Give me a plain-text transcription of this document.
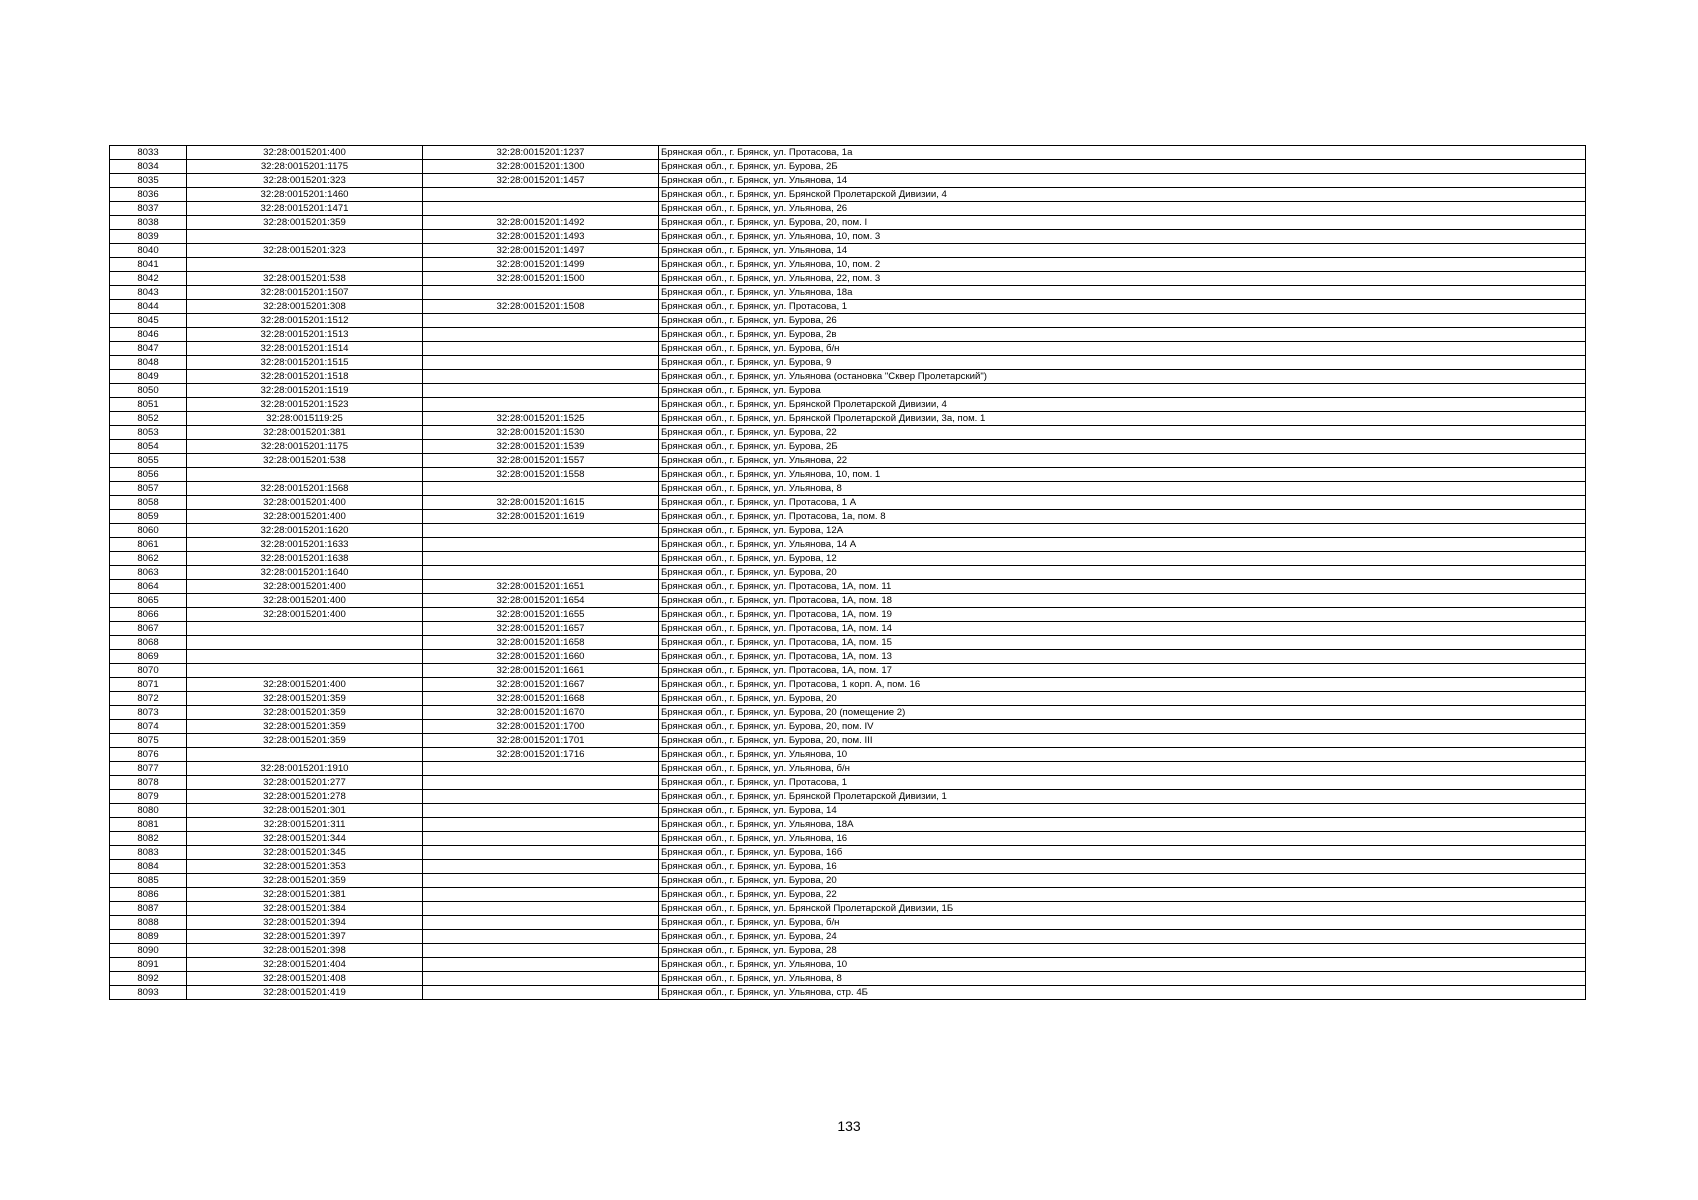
8033	32:28:0015201:400	32:28:0015201:1237	Брянская обл., г. Брянск, ул. Протасова, 1а
8034	32:28:0015201:1175	32:28:0015201:1300	Брянская обл., г. Брянск, ул. Бурова, 2Б
8035	32:28:0015201:323	32:28:0015201:1457	Брянская обл., г. Брянск, ул. Ульянова, 14
8036	32:28:0015201:1460		Брянская обл., г. Брянск, ул. Брянской Пролетарской Дивизии, 4
8037	32:28:0015201:1471		Брянская обл., г. Брянск, ул. Ульянова, 26
8038	32:28:0015201:359	32:28:0015201:1492	Брянская обл., г. Брянск, ул. Бурова, 20, пом. I
8039		32:28:0015201:1493	Брянская обл., г. Брянск, ул. Ульянова, 10, пом. 3
8040	32:28:0015201:323	32:28:0015201:1497	Брянская обл., г. Брянск, ул. Ульянова, 14
8041		32:28:0015201:1499	Брянская обл., г. Брянск, ул. Ульянова, 10, пом. 2
8042	32:28:0015201:538	32:28:0015201:1500	Брянская обл., г. Брянск, ул. Ульянова, 22, пом. 3
8043	32:28:0015201:1507		Брянская обл., г. Брянск, ул. Ульянова, 18а
8044	32:28:0015201:308	32:28:0015201:1508	Брянская обл., г. Брянск, ул. Протасова, 1
8045	32:28:0015201:1512		Брянская обл., г. Брянск, ул. Бурова, 26
8046	32:28:0015201:1513		Брянская обл., г. Брянск, ул. Бурова, 2в
8047	32:28:0015201:1514		Брянская обл., г. Брянск, ул. Бурова, б/н
8048	32:28:0015201:1515		Брянская обл., г. Брянск, ул. Бурова, 9
8049	32:28:0015201:1518		Брянская обл., г. Брянск, ул. Ульянова (остановка "Сквер Пролетарский")
8050	32:28:0015201:1519		Брянская обл., г. Брянск, ул. Бурова
8051	32:28:0015201:1523		Брянская обл., г. Брянск, ул. Брянской Пролетарской Дивизии, 4
8052	32:28:0015119:25	32:28:0015201:1525	Брянская обл., г. Брянск, ул. Брянской Пролетарской Дивизии, 3а, пом. 1
8053	32:28:0015201:381	32:28:0015201:1530	Брянская обл., г. Брянск, ул. Бурова, 22
8054	32:28:0015201:1175	32:28:0015201:1539	Брянская обл., г. Брянск, ул. Бурова, 2Б
8055	32:28:0015201:538	32:28:0015201:1557	Брянская обл., г. Брянск, ул. Ульянова, 22
8056		32:28:0015201:1558	Брянская обл., г. Брянск, ул. Ульянова, 10, пом. 1
8057	32:28:0015201:1568		Брянская обл., г. Брянск, ул. Ульянова, 8
8058	32:28:0015201:400	32:28:0015201:1615	Брянская обл., г. Брянск, ул. Протасова, 1 А
8059	32:28:0015201:400	32:28:0015201:1619	Брянская обл., г. Брянск, ул. Протасова, 1а, пом. 8
8060	32:28:0015201:1620		Брянская обл., г. Брянск, ул. Бурова, 12А
8061	32:28:0015201:1633		Брянская обл., г. Брянск, ул. Ульянова, 14 А
8062	32:28:0015201:1638		Брянская обл., г. Брянск, ул. Бурова, 12
8063	32:28:0015201:1640		Брянская обл., г. Брянск, ул. Бурова, 20
8064	32:28:0015201:400	32:28:0015201:1651	Брянская обл., г. Брянск, ул. Протасова, 1А, пом. 11
8065	32:28:0015201:400	32:28:0015201:1654	Брянская обл., г. Брянск, ул. Протасова, 1А, пом. 18
8066	32:28:0015201:400	32:28:0015201:1655	Брянская обл., г. Брянск, ул. Протасова, 1А, пом. 19
8067		32:28:0015201:1657	Брянская обл., г. Брянск, ул. Протасова, 1А, пом. 14
8068		32:28:0015201:1658	Брянская обл., г. Брянск, ул. Протасова, 1А, пом. 15
8069		32:28:0015201:1660	Брянская обл., г. Брянск, ул. Протасова, 1А, пом. 13
8070		32:28:0015201:1661	Брянская обл., г. Брянск, ул. Протасова, 1А, пом. 17
8071	32:28:0015201:400	32:28:0015201:1667	Брянская обл., г. Брянск, ул. Протасова, 1 корп. А, пом. 16
8072	32:28:0015201:359	32:28:0015201:1668	Брянская обл., г. Брянск, ул. Бурова, 20
8073	32:28:0015201:359	32:28:0015201:1670	Брянская обл., г. Брянск, ул. Бурова, 20 (помещение 2)
8074	32:28:0015201:359	32:28:0015201:1700	Брянская обл., г. Брянск, ул. Бурова, 20, пом. IV
8075	32:28:0015201:359	32:28:0015201:1701	Брянская обл., г. Брянск, ул. Бурова, 20, пом. III
8076		32:28:0015201:1716	Брянская обл., г. Брянск, ул. Ульянова, 10
8077	32:28:0015201:1910		Брянская обл., г. Брянск, ул. Ульянова, б/н
8078	32:28:0015201:277		Брянская обл., г. Брянск, ул. Протасова, 1
8079	32:28:0015201:278		Брянская обл., г. Брянск, ул. Брянской Пролетарской Дивизии, 1
8080	32:28:0015201:301		Брянская обл., г. Брянск, ул. Бурова, 14
8081	32:28:0015201:311		Брянская обл., г. Брянск, ул. Ульянова, 18А
8082	32:28:0015201:344		Брянская обл., г. Брянск, ул. Ульянова, 16
8083	32:28:0015201:345		Брянская обл., г. Брянск, ул. Бурова, 16б
8084	32:28:0015201:353		Брянская обл., г. Брянск, ул. Бурова, 16
8085	32:28:0015201:359		Брянская обл., г. Брянск, ул. Бурова, 20
8086	32:28:0015201:381		Брянская обл., г. Брянск, ул. Бурова, 22
8087	32:28:0015201:384		Брянская обл., г. Брянск, ул. Брянской Пролетарской Дивизии, 1Б
8088	32:28:0015201:394		Брянская обл., г. Брянск, ул. Бурова, б/н
8089	32:28:0015201:397		Брянская обл., г. Брянск, ул. Бурова, 24
8090	32:28:0015201:398		Брянская обл., г. Брянск, ул. Бурова, 28
8091	32:28:0015201:404		Брянская обл., г. Брянск, ул. Ульянова, 10
8092	32:28:0015201:408		Брянская обл., г. Брянск, ул. Ульянова, 8
8093	32:28:0015201:419		Брянская обл., г. Брянск, ул. Ульянова, стр. 4Б
133
